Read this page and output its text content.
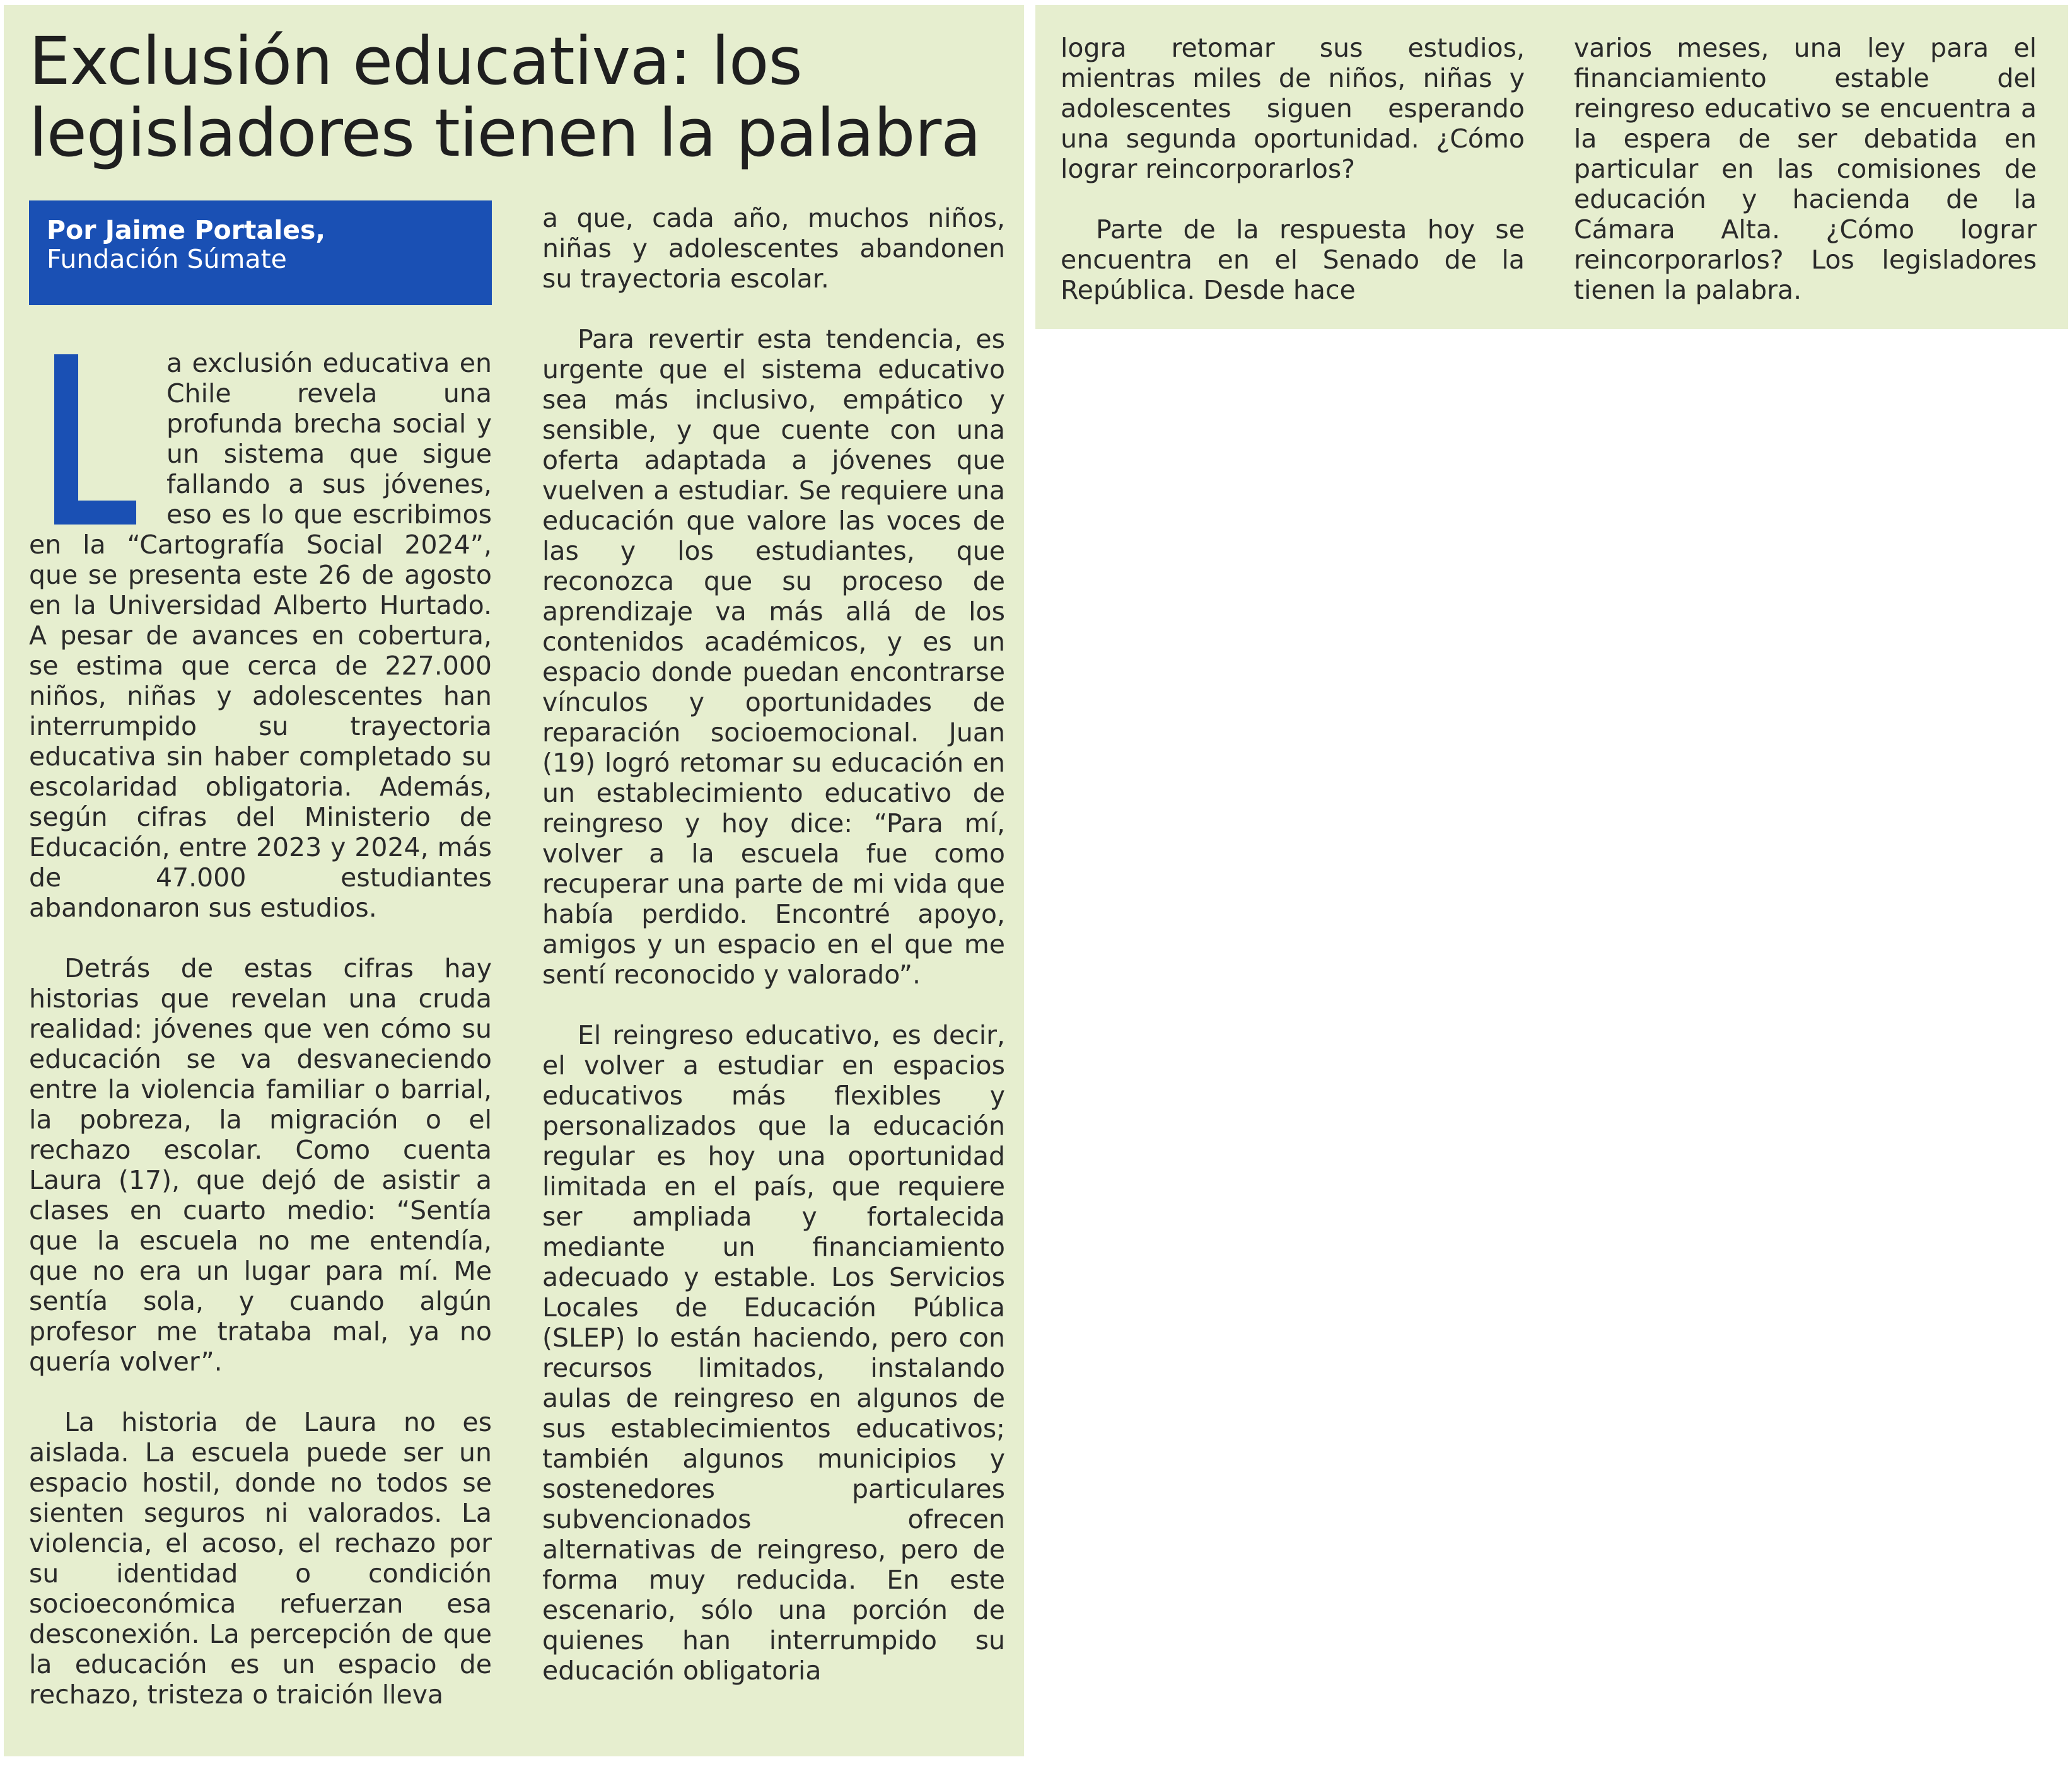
Exclusión educativa: los legisladores tienen la palabra
Por Jaime Portales,
Fundación Súmate

a exclusión educativa en Chile revela una profunda brecha social y un sistema que sigue fallando a sus jóvenes, eso es lo que escribimos en la “Cartografía Social 2024”, que se presenta este 26 de agosto en la Universidad Alberto Hurtado. A pesar de avances en cobertura, se estima que cerca de 227.000 niños, niñas y adolescentes han interrumpido su trayectoria educativa sin haber completado su escolaridad obligatoria. Además, según cifras del Ministerio de Educación, entre 2023 y 2024, más de 47.000 estudiantes abandonaron sus estudios.

Detrás de estas cifras hay historias que revelan una cruda realidad: jóvenes que ven cómo su educación se va desvaneciendo entre la violencia familiar o barrial, la pobreza, la migración o el rechazo escolar. Como cuenta Laura (17), que dejó de asistir a clases en cuarto medio: “Sentía que la escuela no me entendía, que no era un lugar para mí. Me sentía sola, y cuando algún profesor me trataba mal, ya no quería volver”.

La historia de Laura no es aislada. La escuela puede ser un espacio hostil, donde no todos se sienten seguros ni valorados. La violencia, el acoso, el rechazo por su identidad o condición socioeconómica refuerzan esa desconexión. La percepción de que la educación es un espacio de rechazo, tristeza o traición lleva

a que, cada año, muchos niños, niñas y adolescentes abandonen su trayectoria escolar.

Para revertir esta tendencia, es urgente que el sistema educativo sea más inclusivo, empático y sensible, y que cuente con una oferta adaptada a jóvenes que vuelven a estudiar. Se requiere una educación que valore las voces de las y los estudiantes, que reconozca que su proceso de aprendizaje va más allá de los contenidos académicos, y es un espacio donde puedan encontrarse vínculos y oportunidades de reparación socioemocional. Juan (19) logró retomar su educación en un establecimiento educativo de reingreso y hoy dice: “Para mí, volver a la escuela fue como recuperar una parte de mi vida que había perdido. Encontré apoyo, amigos y un espacio en el que me sentí reconocido y valorado”.

El reingreso educativo, es decir, el volver a estudiar en espacios educativos más flexibles y personalizados que la educación regular es hoy una oportunidad limitada en el país, que requiere ser ampliada y fortalecida mediante un financiamiento adecuado y estable. Los Servicios Locales de Educación Pública (SLEP) lo están haciendo, pero con recursos limitados, instalando aulas de reingreso en algunos de sus establecimientos educativos; también algunos municipios y sostenedores particulares subvencionados ofrecen alternativas de reingreso, pero de forma muy reducida. En este escenario, sólo una porción de quienes han interrumpido su educación obligatoria

logra retomar sus estudios, mientras miles de niños, niñas y adolescentes siguen esperando una segunda oportunidad. ¿Cómo lograr reincorporarlos?

Parte de la respuesta hoy se encuentra en el Senado de la República. Desde hace

varios meses, una ley para el financiamiento estable del reingreso educativo se encuentra a la espera de ser debatida en particular en las comisiones de educación y hacienda de la Cámara Alta. ¿Cómo lograr reincorporarlos? Los legisladores tienen la palabra.
